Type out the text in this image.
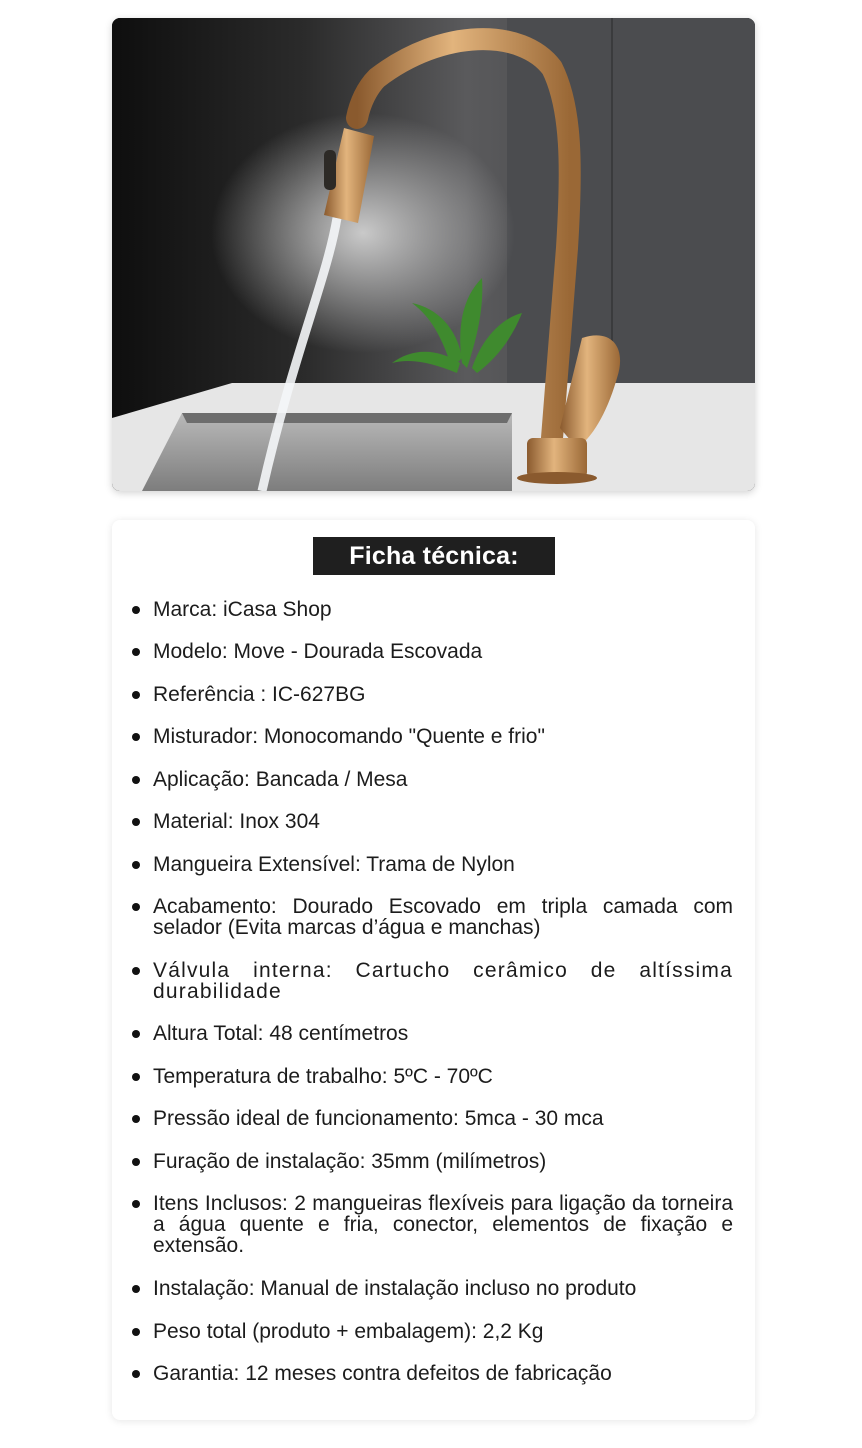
Ficha técnica:
Marca: iCasa Shop
Modelo: Move - Dourada Escovada
Referência : IC-627BG
Misturador: Monocomando "Quente e frio"
Aplicação: Bancada / Mesa
Material: Inox 304
Mangueira Extensível: Trama de Nylon
Acabamento: Dourado Escovado em tripla camada com selador (Evita marcas d’água e manchas)
Válvula interna: Cartucho cerâmico de altíssima durabilidade
Altura Total: 48 centímetros
Temperatura de trabalho: 5ºC - 70ºC
Pressão ideal de funcionamento: 5mca - 30 mca
Furação de instalação: 35mm (milímetros)
Itens Inclusos: 2 mangueiras flexíveis para ligação da torneira a água quente e fria, conector, elementos de fixação e extensão.
Instalação: Manual de instalação incluso no produto
Peso total (produto + embalagem): 2,2 Kg
Garantia: 12 meses contra defeitos de fabricação
